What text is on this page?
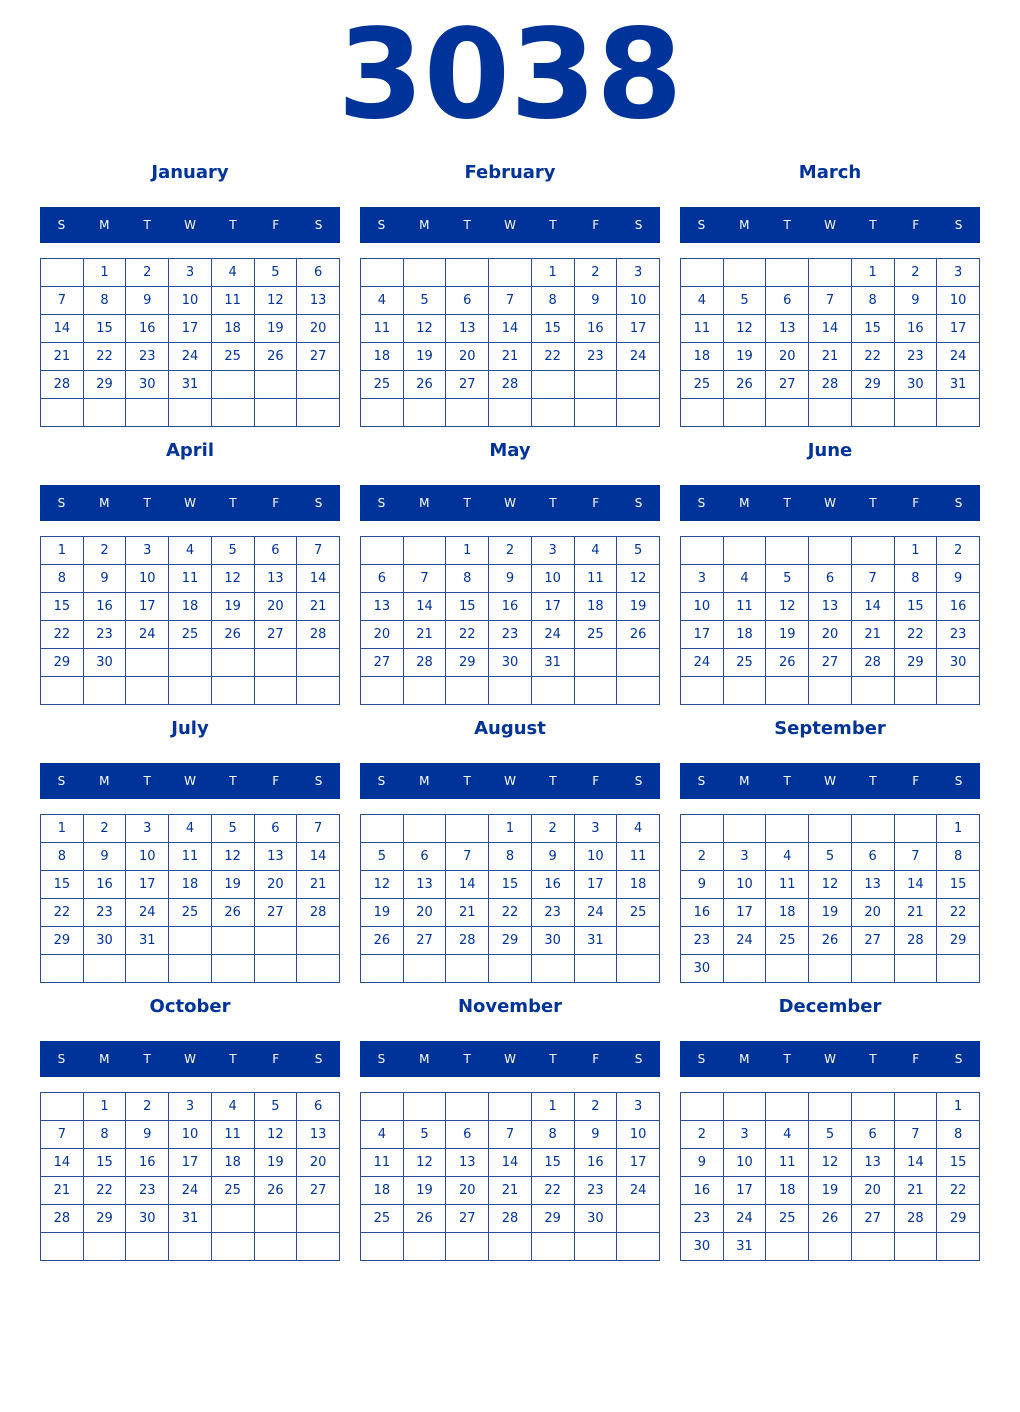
3038
January
S	M	T	W	T	F	S
	1	2	3	4	5	6
7	8	9	10	11	12	13
14	15	16	17	18	19	20
21	22	23	24	25	26	27
28	29	30	31			

February
S	M	T	W	T	F	S
				1	2	3
4	5	6	7	8	9	10
11	12	13	14	15	16	17
18	19	20	21	22	23	24
25	26	27	28			

March
S	M	T	W	T	F	S
				1	2	3
4	5	6	7	8	9	10
11	12	13	14	15	16	17
18	19	20	21	22	23	24
25	26	27	28	29	30	31

April
S	M	T	W	T	F	S
1	2	3	4	5	6	7
8	9	10	11	12	13	14
15	16	17	18	19	20	21
22	23	24	25	26	27	28
29	30					

May
S	M	T	W	T	F	S
		1	2	3	4	5
6	7	8	9	10	11	12
13	14	15	16	17	18	19
20	21	22	23	24	25	26
27	28	29	30	31		

June
S	M	T	W	T	F	S
					1	2
3	4	5	6	7	8	9
10	11	12	13	14	15	16
17	18	19	20	21	22	23
24	25	26	27	28	29	30

July
S	M	T	W	T	F	S
1	2	3	4	5	6	7
8	9	10	11	12	13	14
15	16	17	18	19	20	21
22	23	24	25	26	27	28
29	30	31				

August
S	M	T	W	T	F	S
			1	2	3	4
5	6	7	8	9	10	11
12	13	14	15	16	17	18
19	20	21	22	23	24	25
26	27	28	29	30	31	

September
S	M	T	W	T	F	S
						1
2	3	4	5	6	7	8
9	10	11	12	13	14	15
16	17	18	19	20	21	22
23	24	25	26	27	28	29
30						
October
S	M	T	W	T	F	S
	1	2	3	4	5	6
7	8	9	10	11	12	13
14	15	16	17	18	19	20
21	22	23	24	25	26	27
28	29	30	31			

November
S	M	T	W	T	F	S
				1	2	3
4	5	6	7	8	9	10
11	12	13	14	15	16	17
18	19	20	21	22	23	24
25	26	27	28	29	30	

December
S	M	T	W	T	F	S
						1
2	3	4	5	6	7	8
9	10	11	12	13	14	15
16	17	18	19	20	21	22
23	24	25	26	27	28	29
30	31					
